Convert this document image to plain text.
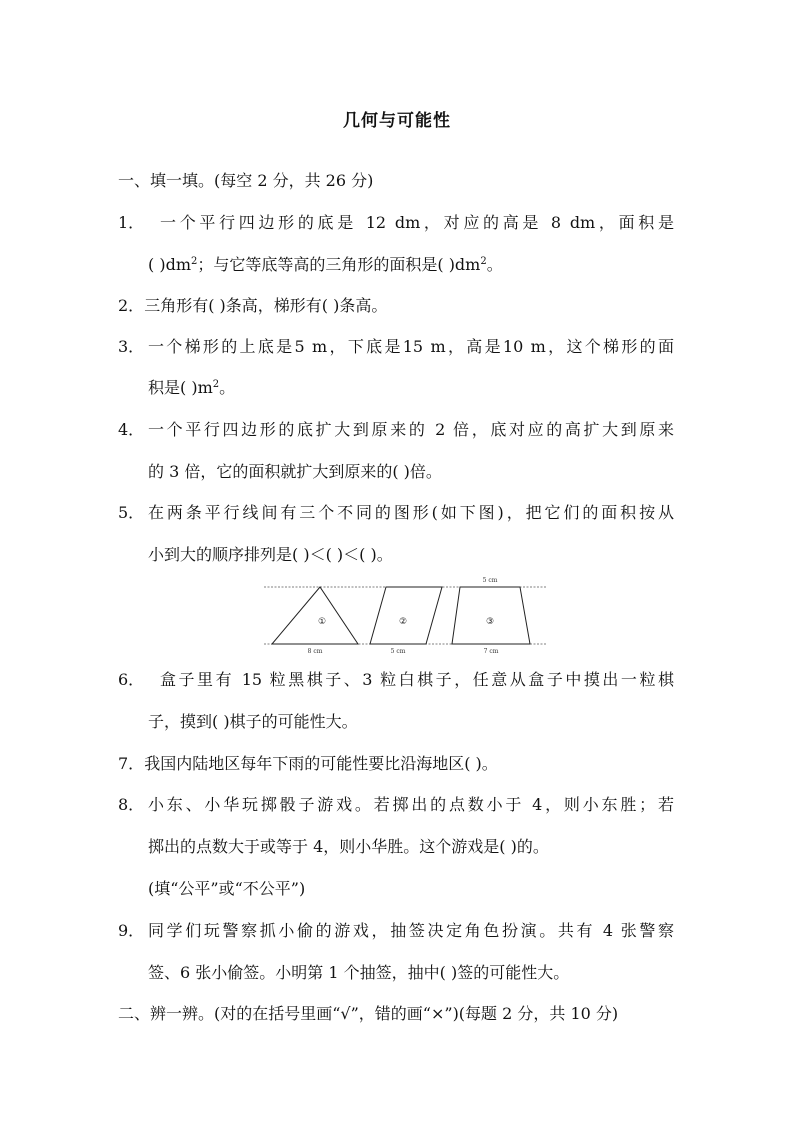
几何与可能性
一、填一填。(每空 2 分，共 26 分)
1． 一个平行四边形的底是 12 dm，对应的高是 8 dm，面积是
( )$dm^2$；与它等底等高的三角形的面积是( )$dm^2$。
2．三角形有( )条高，梯形有( )条高。
3． 一个梯形的上底是5 m，下底是15 m，高是10 m，这个梯形的面
积是( )$m^2$。
4． 一个平行四边形的底扩大到原来的 2 倍，底对应的高扩大到原来
的 3 倍，它的面积就扩大到原来的( )倍。
5． 在两条平行线间有三个不同的图形(如下图)，把它们的面积按从
小到大的顺序排列是( )＜( )＜( )。
①	②	③
5 cm
8 cm	5 cm	7 cm
6． 盒子里有 15 粒黑棋子、3 粒白棋子，任意从盒子中摸出一粒棋
子，摸到( )棋子的可能性大。
7．我国内陆地区每年下雨的可能性要比沿海地区( )。
8． 小东、小华玩掷骰子游戏。若掷出的点数小于 4，则小东胜；若
掷出的点数大于或等于 4，则小华胜。这个游戏是( )的。
(填“公平”或“不公平”)
9． 同学们玩警察抓小偷的游戏，抽签决定角色扮演。共有 4 张警察
签、6 张小偷签。小明第 1 个抽签，抽中( )签的可能性大。
二、辨一辨。(对的在括号里画“√”，错的画“×”)(每题 2 分，共 10 分)
